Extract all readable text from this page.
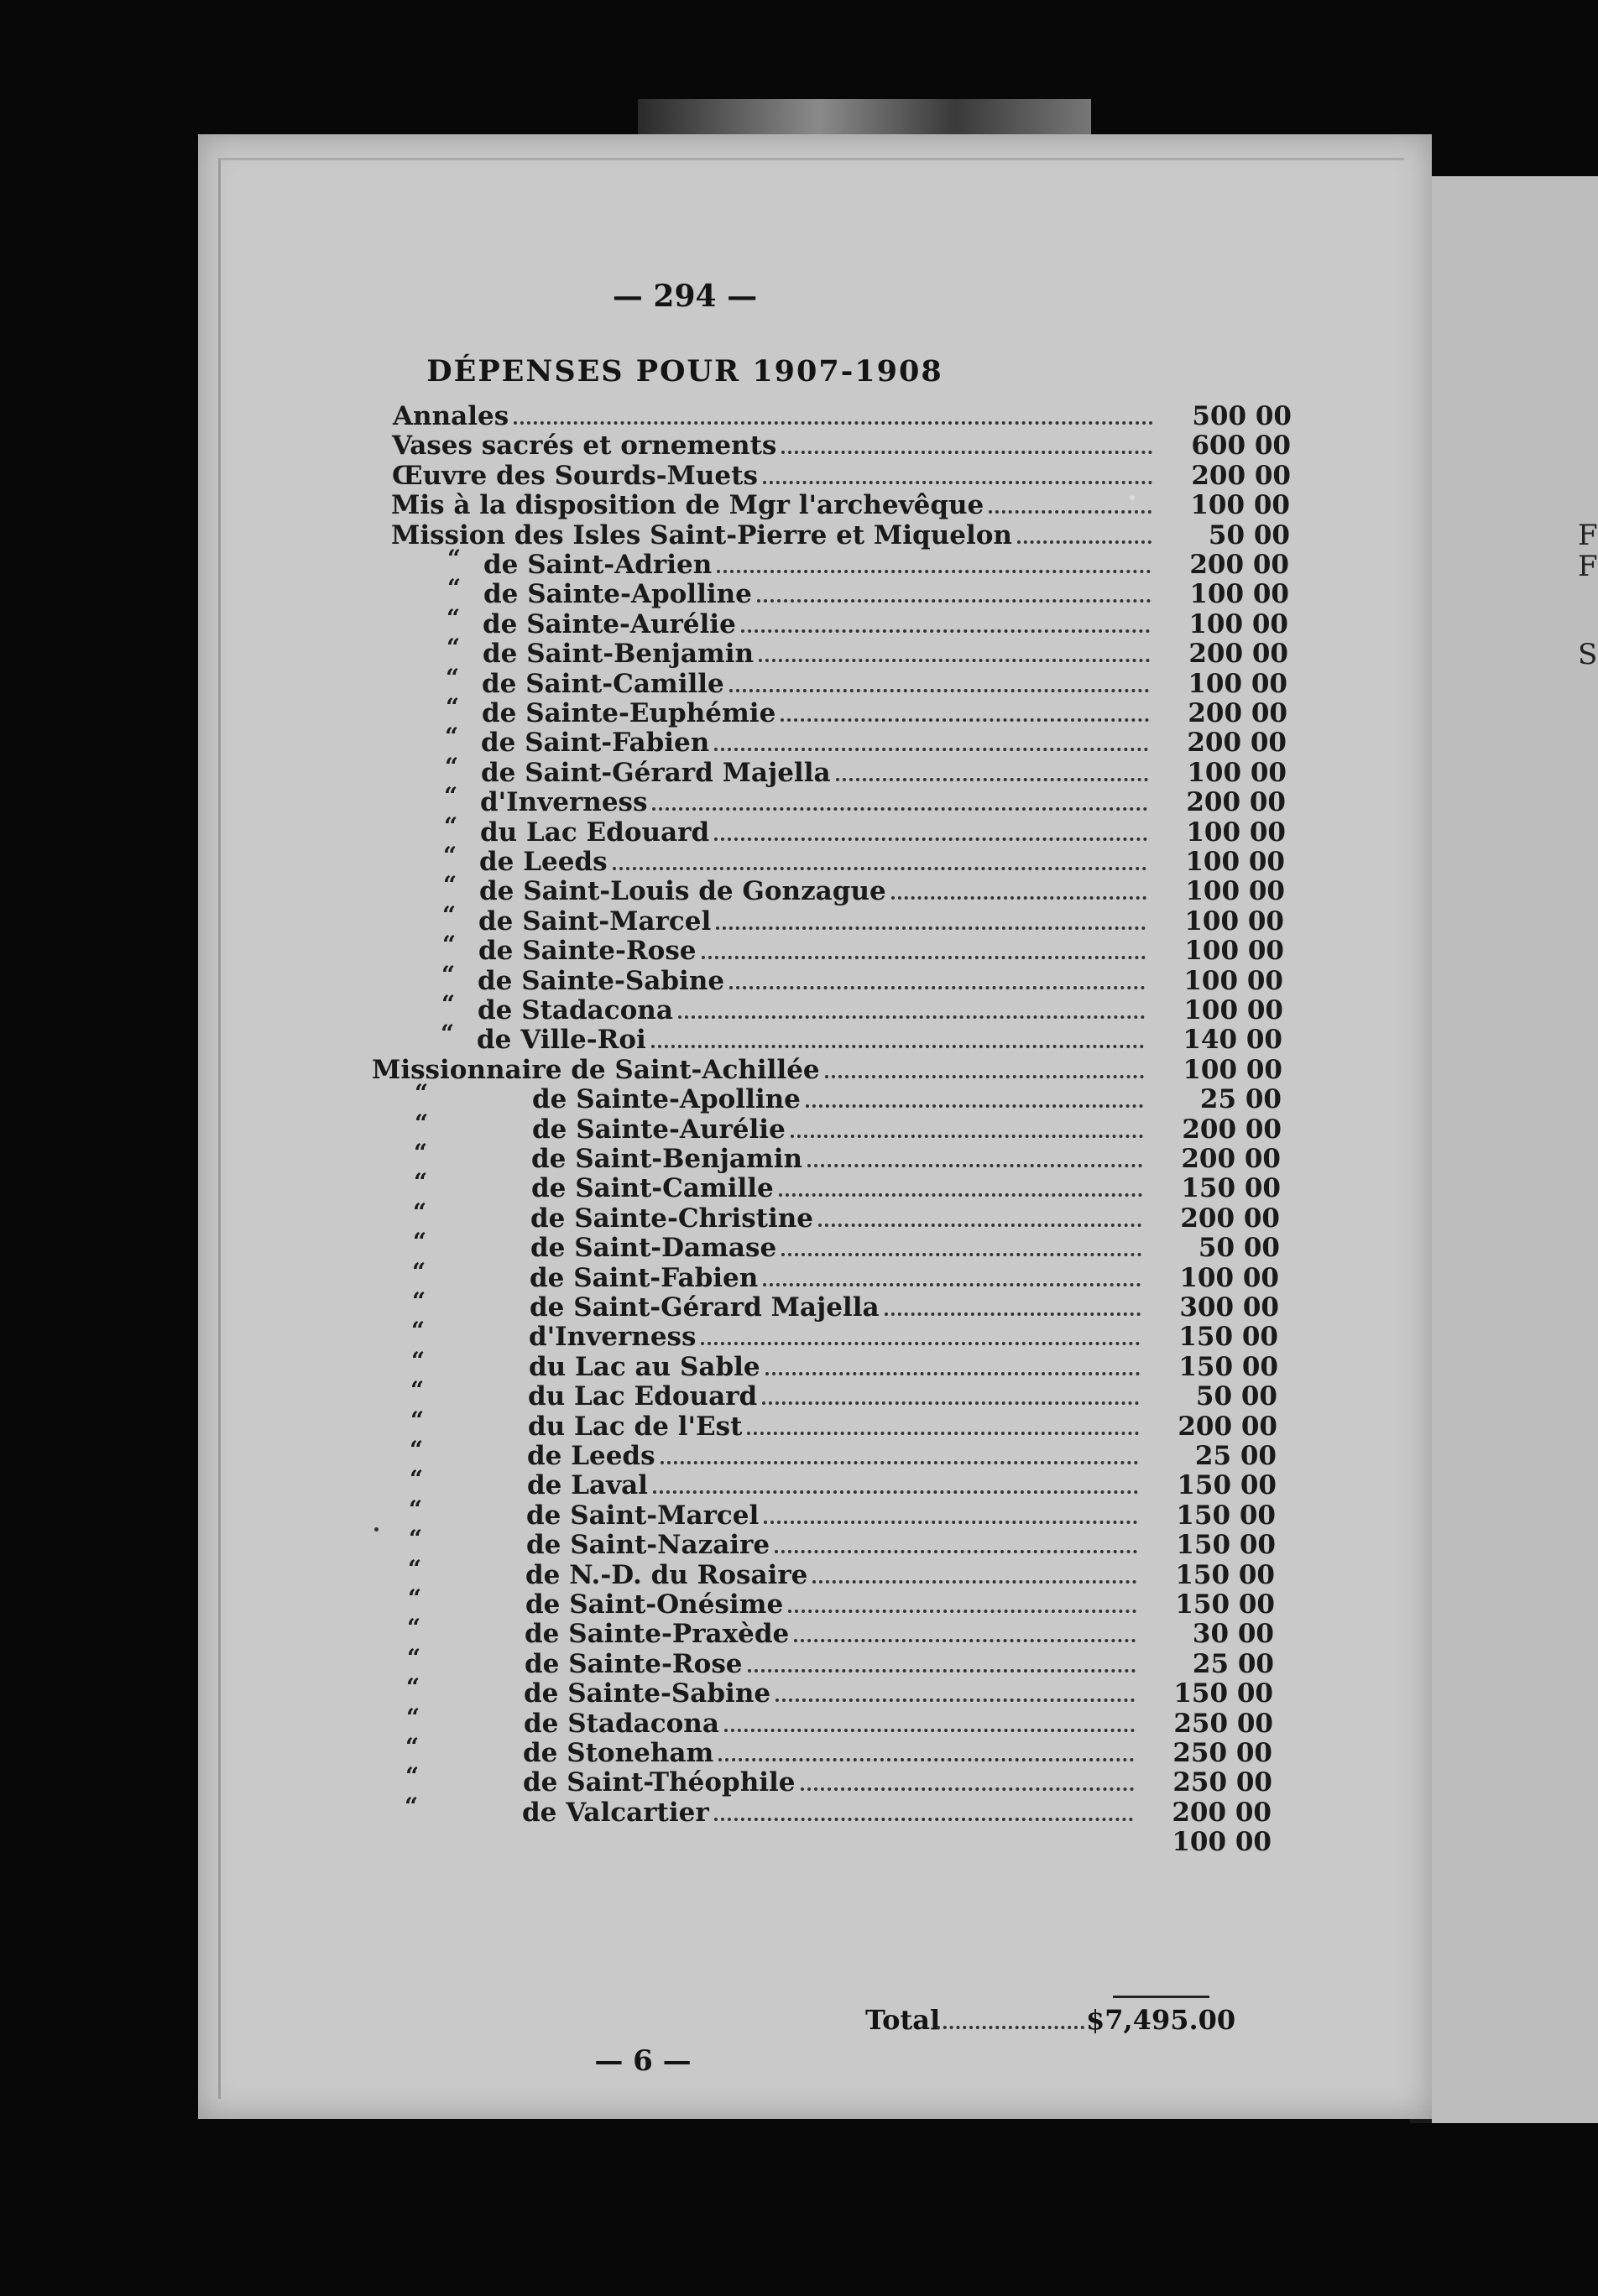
F
F
S
— 294 —
DÉPENSES POUR 1907-1908
Annales	500 00
Vases sacrés et ornements	600 00
Œuvre des Sourds-Muets	200 00
Mis à la disposition de Mgr l'archevêque	100 00
Mission des Isles Saint-Pierre et Miquelon	50 00
“ de Saint-Adrien	200 00
“ de Sainte-Apolline	100 00
“ de Sainte-Aurélie	100 00
“ de Saint-Benjamin	200 00
“ de Saint-Camille	100 00
“ de Sainte-Euphémie	200 00
“ de Saint-Fabien	200 00
“ de Saint-Gérard Majella	100 00
“ d'Inverness	200 00
“ du Lac Edouard	100 00
“ de Leeds	100 00
“ de Saint-Louis de Gonzague	100 00
“ de Saint-Marcel	100 00
“ de Sainte-Rose	100 00
“ de Sainte-Sabine	100 00
“ de Stadacona	100 00
“ de Ville-Roi	140 00
Missionnaire de Saint-Achillée	100 00
“	de Sainte-Apolline	25 00
“	de Sainte-Aurélie	200 00
“	de Saint-Benjamin	200 00
“	de Saint-Camille	150 00
“	de Sainte-Christine	200 00
“	de Saint-Damase	50 00
“	de Saint-Fabien	100 00
“	de Saint-Gérard Majella	300 00
“	d'Inverness	150 00
“	du Lac au Sable	150 00
“	du Lac Edouard	50 00
“	du Lac de l'Est	200 00
“	de Leeds	25 00
“	de Laval	150 00
“	de Saint-Marcel	150 00
“	de Saint-Nazaire	150 00
“	de N.-D. du Rosaire	150 00
“	de Saint-Onésime	150 00
“	de Sainte-Praxède	30 00
“	de Sainte-Rose	25 00
“	de Sainte-Sabine	150 00
“	de Stadacona	250 00
“	de Stoneham	250 00
“	de Saint-Théophile	250 00
“	de Valcartier	200 00
100 00
Total	$7,495.00
— 6 —
